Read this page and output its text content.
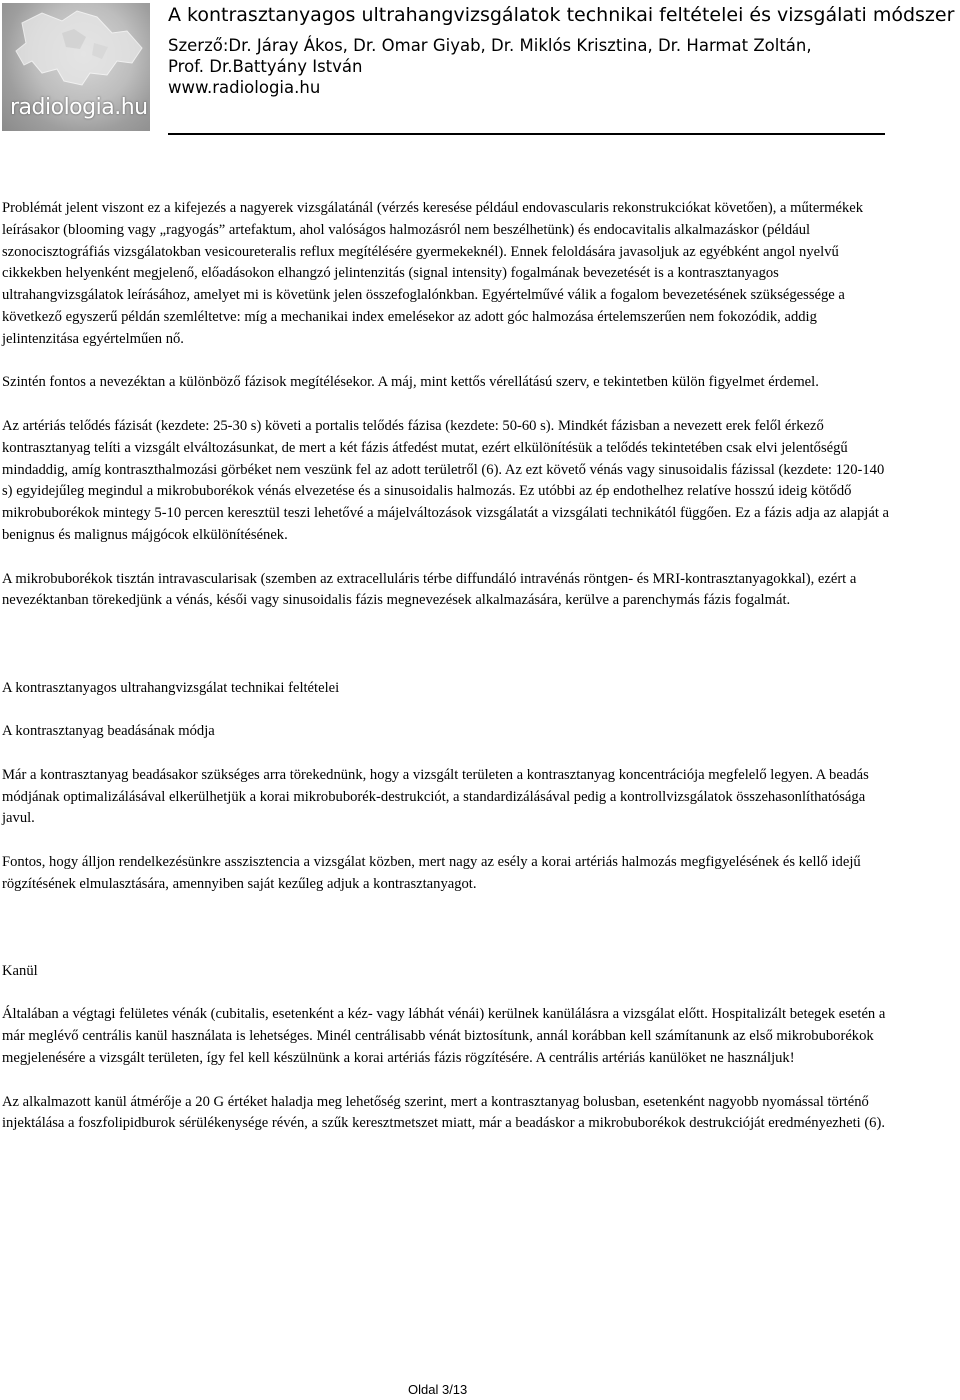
radiologia.hu
A kontrasztanyagos ultrahangvizsgálatok technikai feltételei és vizsgálati módszer
Szerző:Dr. Járay Ákos, Dr. Omar Giyab, Dr. Miklós Krisztina, Dr. Harmat Zoltán,
Prof. Dr.Battyány István
www.radiologia.hu

Problémát jelent viszont ez a kifejezés a nagyerek vizsgálatánál (vérzés keresése például endovascularis rekonstrukciókat követően), a műtermékek leírásakor (blooming vagy „ragyogás” artefaktum, ahol valóságos halmozásról nem beszélhetünk) és endocavitalis alkalmazáskor (például szonocisztográfiás vizsgálatokban vesicoureteralis reflux megítélésére gyermekeknél). Ennek feloldására javasoljuk az egyébként angol nyelvű cikkekben helyenként megjelenő, előadásokon elhangzó jelintenzitás (signal intensity) fogalmának bevezetését is a kontrasztanyagos ultrahangvizsgálatok leírásához, amelyet mi is követünk jelen összefoglalónkban. Egyértelművé válik a fogalom bevezetésének szükségessége a következő egyszerű példán szemléltetve: míg a mechanikai index emelésekor az adott góc halmozása értelemszerűen nem fokozódik, addig jelintenzitása egyértelműen nő.

Szintén fontos a nevezéktan a különböző fázisok megítélésekor. A máj, mint kettős vérellátású szerv, e tekintetben külön figyelmet érdemel.

Az artériás telődés fázisát (kezdete: 25-30 s) követi a portalis telődés fázisa (kezdete: 50-60 s). Mindkét fázisban a nevezett erek felől érkező kontrasztanyag telíti a vizsgált elváltozásunkat, de mert a két fázis átfedést mutat, ezért elkülönítésük a telődés tekintetében csak elvi jelentőségű mindaddig, amíg kontraszthalmozási görbéket nem veszünk fel az adott területről (6). Az ezt követő vénás vagy sinusoidalis fázissal (kezdete: 120-140 s) egyidejűleg megindul a mikrobuborékok vénás elvezetése és a sinusoidalis halmozás. Ez utóbbi az ép endothelhez relatíve hosszú ideig kötődő mikrobuborékok mintegy 5-10 percen keresztül teszi lehetővé a májelváltozások vizsgálatát a vizsgálati technikától függően. Ez a fázis adja az alapját a benignus és malignus májgócok elkülönítésének.

A mikrobuborékok tisztán intravascularisak (szemben az extracelluláris térbe diffundáló intravénás röntgen- és MRI-kontrasztanyagokkal), ezért a nevezéktanban törekedjünk a vénás, késői vagy sinusoidalis fázis megnevezések alkalmazására, kerülve a parenchymás fázis fogalmát.

A kontrasztanyagos ultrahangvizsgálat technikai feltételei

A kontrasztanyag beadásának módja

Már a kontrasztanyag beadásakor szükséges arra törekednünk, hogy a vizsgált területen a kontrasztanyag koncentrációja megfelelő legyen. A beadás módjának optimalizálásával elkerülhetjük a korai mikrobuborék-destrukciót, a standardizálásával pedig a kontrollvizsgálatok összehasonlíthatósága javul.

Fontos, hogy álljon rendelkezésünkre asszisztencia a vizsgálat közben, mert nagy az esély a korai artériás halmozás megfigyelésének és kellő idejű rögzítésének elmulasztására, amennyiben saját kezűleg adjuk a kontrasztanyagot.

Kanül

Általában a végtagi felületes vénák (cubitalis, esetenként a kéz- vagy lábhát vénái) kerülnek kanülálásra a vizsgálat előtt. Hospitalizált betegek esetén a már meglévő centrális kanül használata is lehetséges. Minél centrálisabb vénát biztosítunk, annál korábban kell számítanunk az első mikrobuborékok megjelenésére a vizsgált területen, így fel kell készülnünk a korai artériás fázis rögzítésére. A centrális artériás kanülöket ne használjuk!

Az alkalmazott kanül átmérője a 20 G értéket haladja meg lehetőség szerint, mert a kontrasztanyag bolusban, esetenként nagyobb nyomással történő injektálása a foszfolipidburok sérülékenysége révén, a szűk keresztmetszet miatt, már a beadáskor a mikrobuborékok destrukcióját eredményezheti (6).

Oldal 3/13
